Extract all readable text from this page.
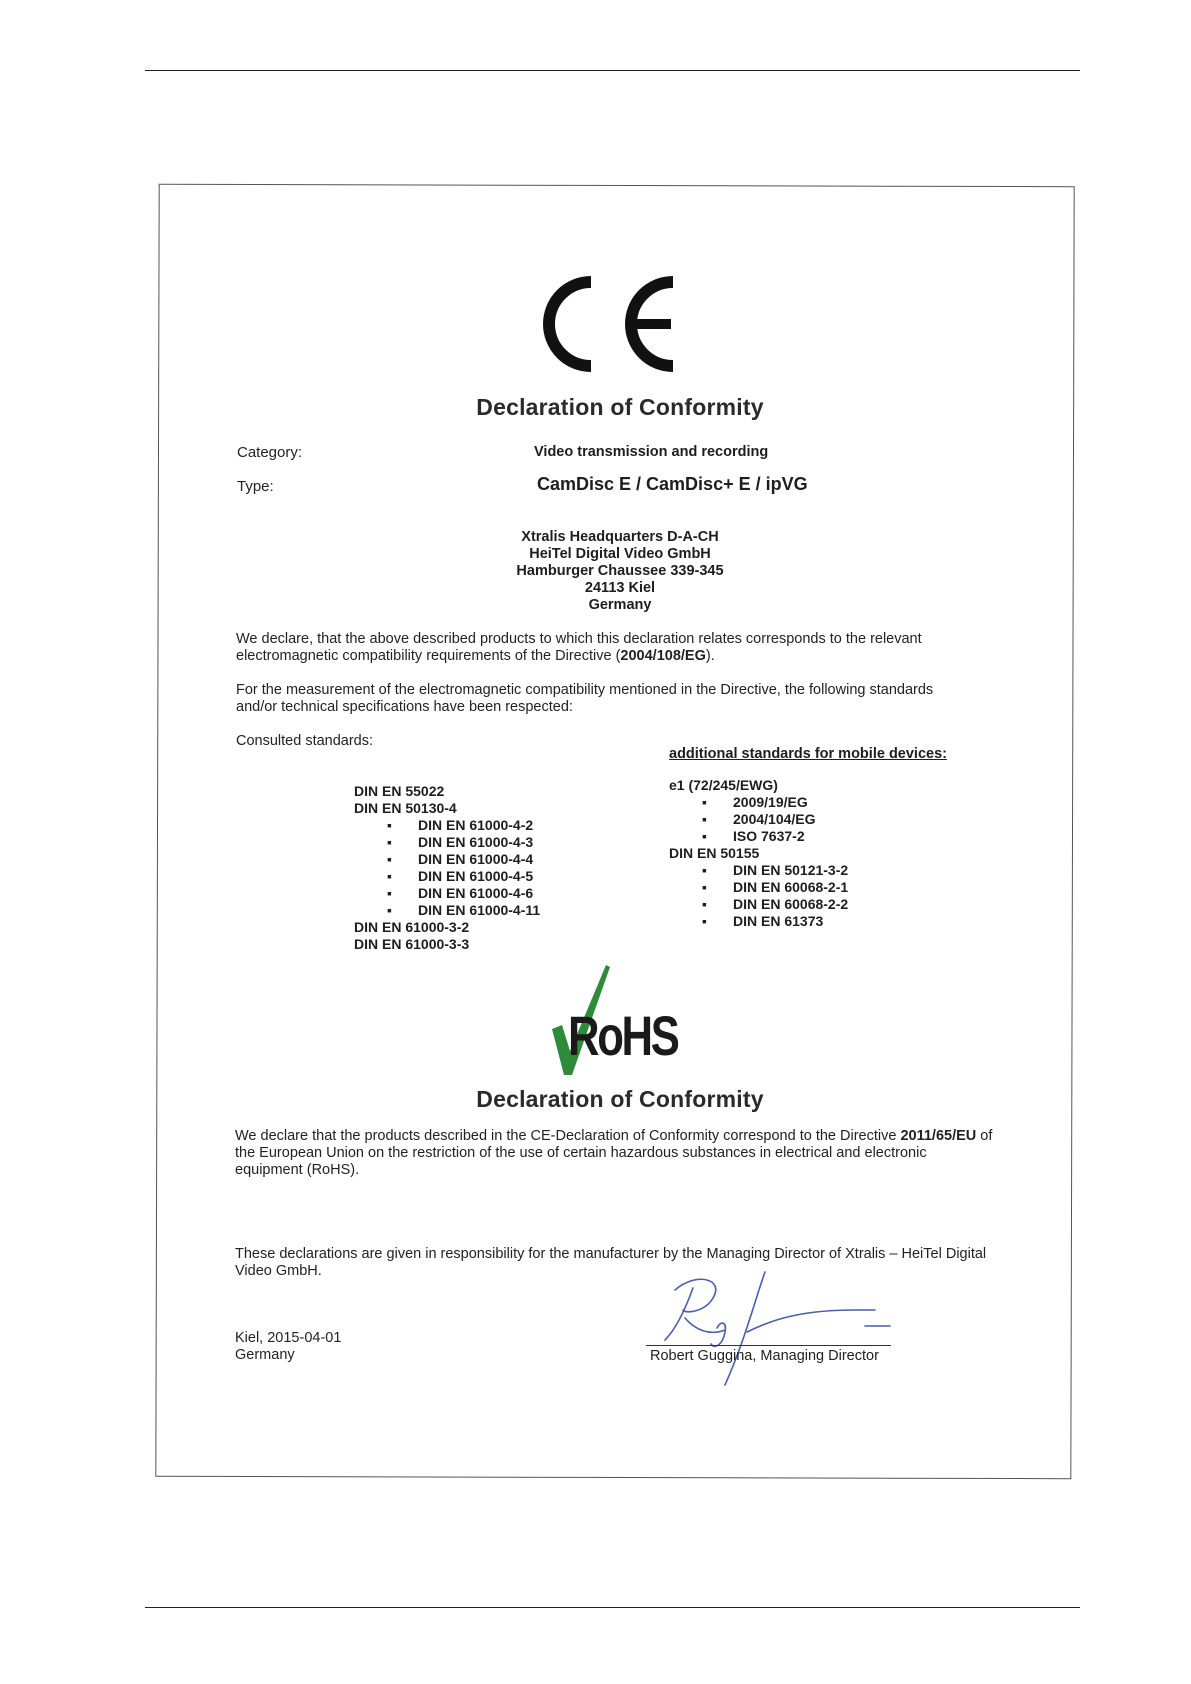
Declaration of Conformity
Category:	Video transmission and recording
Type:	CamDisc E / CamDisc+ E / ipVG
Xtralis Headquarters D-A-CH
HeiTel Digital Video GmbH
Hamburger Chaussee 339-345
24113 Kiel
Germany
We declare, that the above described products to which this declaration relates corresponds to the relevant electromagnetic compatibility requirements of the Directive (2004/108/EG).
For the measurement of the electromagnetic compatibility mentioned in the Directive, the following standards and/or technical specifications have been respected:
Consulted standards:
additional standards for mobile devices:
DIN EN 55022
DIN EN 50130-4
▪ DIN EN 61000-4-2
▪ DIN EN 61000-4-3
▪ DIN EN 61000-4-4
▪ DIN EN 61000-4-5
▪ DIN EN 61000-4-6
▪ DIN EN 61000-4-11
DIN EN 61000-3-2
DIN EN 61000-3-3
e1 (72/245/EWG)
▪ 2009/19/EG
▪ 2004/104/EG
▪ ISO 7637-2
DIN EN 50155
▪ DIN EN 50121-3-2
▪ DIN EN 60068-2-1
▪ DIN EN 60068-2-2
▪ DIN EN 61373
RoHS
Declaration of Conformity
We declare that the products described in the CE-Declaration of Conformity correspond to the Directive 2011/65/EU of the European Union on the restriction of the use of certain hazardous substances in electrical and electronic equipment (RoHS).
These declarations are given in responsibility for the manufacturer by the Managing Director of Xtralis – HeiTel Digital Video GmbH.
Kiel, 2015-04-01
Germany	Robert Guggina, Managing Director
